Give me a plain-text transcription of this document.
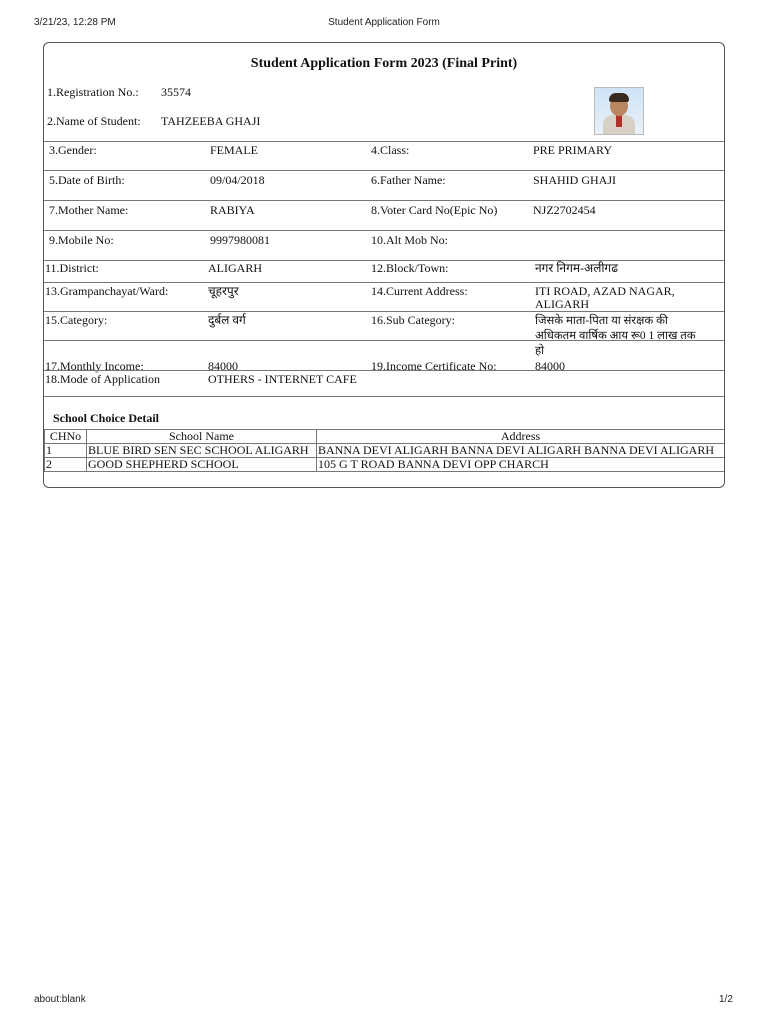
3/21/23, 12:28 PM	Student Application Form
Student Application Form 2023 (Final Print)
1.Registration No.: 35574
2.Name of Student: TAHZEEBA GHAJI
3.Gender:	FEMALE	4.Class:	PRE PRIMARY
5.Date of Birth:	09/04/2018	6.Father Name:	SHAHID GHAJI
7.Mother Name:	RABIYA	8.Voter Card No(Epic No)	NJZ2702454
9.Mobile No:	9997980081	10.Alt Mob No:
11.District:	ALIGARH	12.Block/Town:	नगर निगम-अलीगढ
13.Grampanchayat/Ward:	चूहरपुर	14.Current Address:	ITI ROAD, AZAD NAGAR, ALIGARH
15.Category:	दुर्बल वर्ग	16.Sub Category:	जिसके माता-पिता या संरक्षक की अधिकतम वार्षिक आय रू0 1 लाख तक हो
17.Monthly Income:	84000	19.Income Certificate No:	84000
18.Mode of Application	OTHERS - INTERNET CAFE
School Choice Detail
CHNo	School Name	Address
1	BLUE BIRD SEN SEC SCHOOL ALIGARH	BANNA DEVI ALIGARH BANNA DEVI ALIGARH BANNA DEVI ALIGARH
2	GOOD SHEPHERD SCHOOL	105 G T ROAD BANNA DEVI OPP CHARCH
about:blank	1/2
